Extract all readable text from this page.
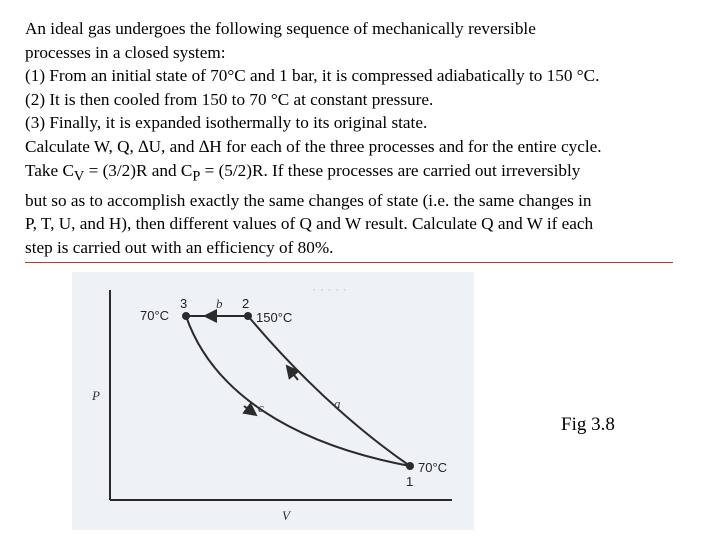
An ideal gas undergoes the following sequence of mechanically reversible
processes in a closed system:
(1) From an initial state of 70°C and 1 bar, it is compressed adiabatically to 150 °C.
(2) It is then cooled from 150 to 70 °C at constant pressure.
(3) Finally, it is expanded isothermally to its original state.
Calculate W, Q, ∆U, and ∆H for each of the three processes and for the entire cycle.
Take $C_V = (3/2)R$ and $C_P = (5/2)R$. If these processes are carried out irreversibly
but so as to accomplish exactly the same changes of state (i.e. the same changes in
P, T, U, and H), then different values of Q and W result. Calculate Q and W if each
step is carried out with an efficiency of 80%.
· · · · ·
P
V
b
a
c
1
70°C
2
150°C
3
70°C
Fig 3.8
